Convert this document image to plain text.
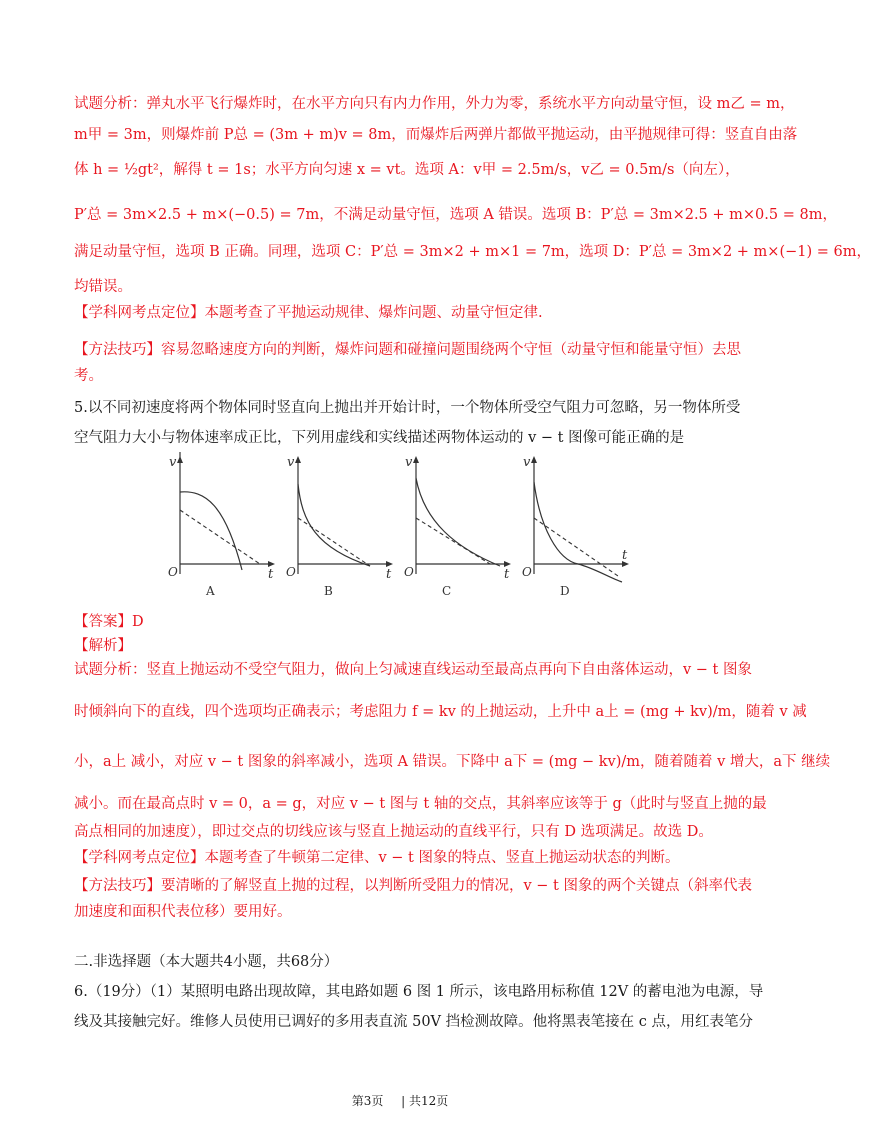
试题分析：弹丸水平飞行爆炸时，在水平方向只有内力作用，外力为零，系统水平方向动量守恒，设 m乙 = m，
m甲 = 3m，则爆炸前 P总 = (3m + m)v = 8m，而爆炸后两弹片都做平抛运动，由平抛规律可得：竖直自由落
体 h = ½gt²，解得 t = 1s；水平方向匀速 x = vt。选项 A：v甲 = 2.5m/s，v乙 = 0.5m/s（向左），
P′总 = 3m×2.5 + m×(−0.5) = 7m，不满足动量守恒，选项 A 错误。选项 B：P′总 = 3m×2.5 + m×0.5 = 8m，
满足动量守恒，选项 B 正确。同理，选项 C：P′总 = 3m×2 + m×1 = 7m，选项 D：P′总 = 3m×2 + m×(−1) = 6m，
均错误。
【学科网考点定位】本题考查了平抛运动规律、爆炸问题、动量守恒定律.
【方法技巧】容易忽略速度方向的判断，爆炸问题和碰撞问题围绕两个守恒（动量守恒和能量守恒）去思
考。
5.以不同初速度将两个物体同时竖直向上抛出并开始计时，一个物体所受空气阻力可忽略，另一物体所受
空气阻力大小与物体速率成正比，下列用虚线和实线描述两物体运动的 v − t 图像可能正确的是
v
t
O
A
v
t
O
B
v
t
O
C
v
t
O
D
【答案】D
【解析】
试题分析：竖直上抛运动不受空气阻力，做向上匀减速直线运动至最高点再向下自由落体运动，v − t 图象
时倾斜向下的直线，四个选项均正确表示；考虑阻力 f = kv 的上抛运动，上升中 a上 = (mg + kv)/m，随着 v 减
小，a上 减小，对应 v − t 图象的斜率减小，选项 A 错误。下降中 a下 = (mg − kv)/m，随着随着 v 增大，a下 继续
减小。而在最高点时 v = 0，a = g，对应 v − t 图与 t 轴的交点，其斜率应该等于 g（此时与竖直上抛的最
高点相同的加速度），即过交点的切线应该与竖直上抛运动的直线平行，只有 D 选项满足。故选 D。
【学科网考点定位】本题考查了牛顿第二定律、v − t 图象的特点、竖直上抛运动状态的判断。
【方法技巧】要清晰的了解竖直上抛的过程，以判断所受阻力的情况，v − t 图象的两个关键点（斜率代表
加速度和面积代表位移）要用好。
二.非选择题（本大题共4小题，共68分）
6.（19分）（1）某照明电路出现故障，其电路如题 6 图 1 所示，该电路用标称值 12V 的蓄电池为电源，导
线及其接触完好。维修人员使用已调好的多用表直流 50V 挡检测故障。他将黑表笔接在 c 点，用红表笔分
第3页 | 共12页
